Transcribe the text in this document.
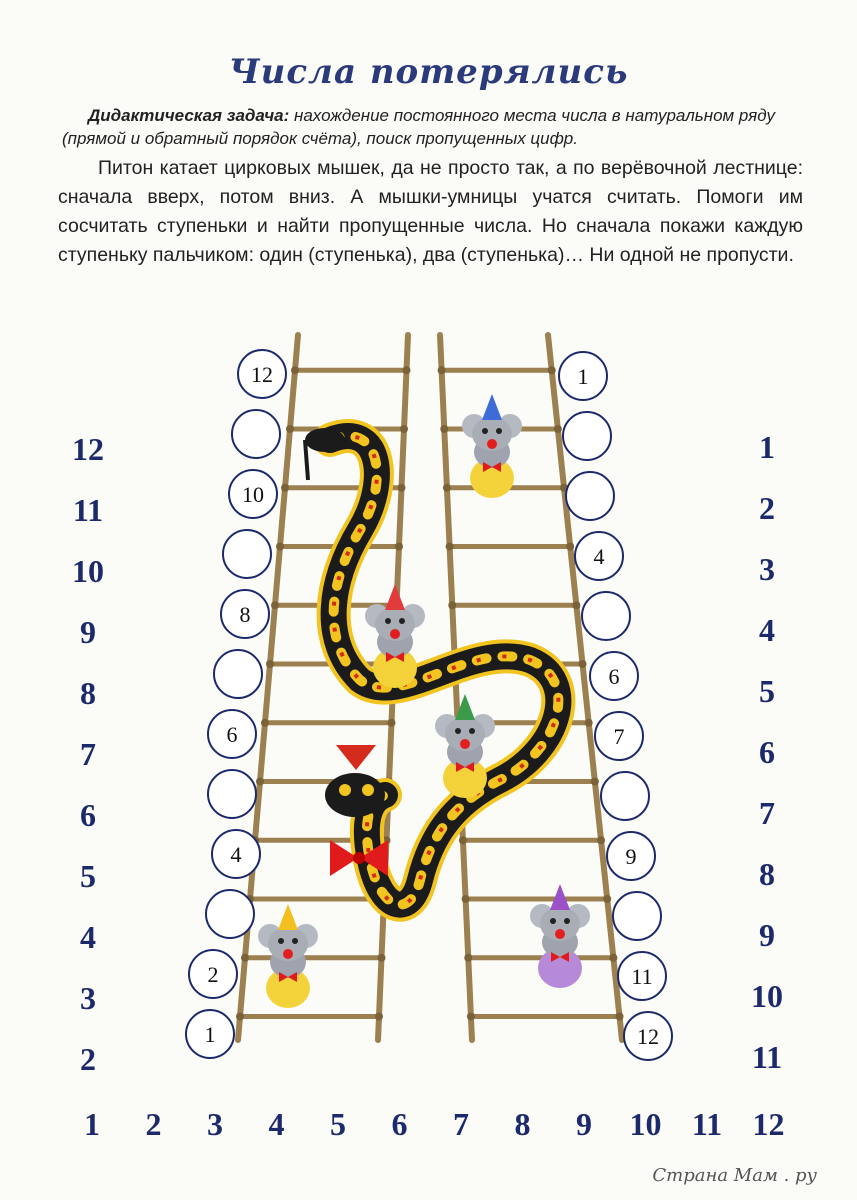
Числа потерялись
Дидактическая задача: нахождение постоянного места числа в натуральном ряду (прямой и обратный порядок счёта), поиск пропущенных цифр.
Питон катает цирковых мышек, да не просто так, а по верёвочной лестнице: сначала вверх, потом вниз. А мышки-умницы учатся считать. Помоги им сосчитать ступеньки и найти пропущенные числа. Но сначала покажи каждую ступеньку пальчиком: один (ступенька), два (ступенька)… Ни одной не пропусти.
12
10
8
6
4
2
1
1
4
6
7
9
11
12
12
11
10
9
8
7
6
5
4
3
2
1
2
3
4
5
6
7
8
9
10
11
1 2 3 4 5 6 7 8 9 10 11 12
Страна Мам . ру
